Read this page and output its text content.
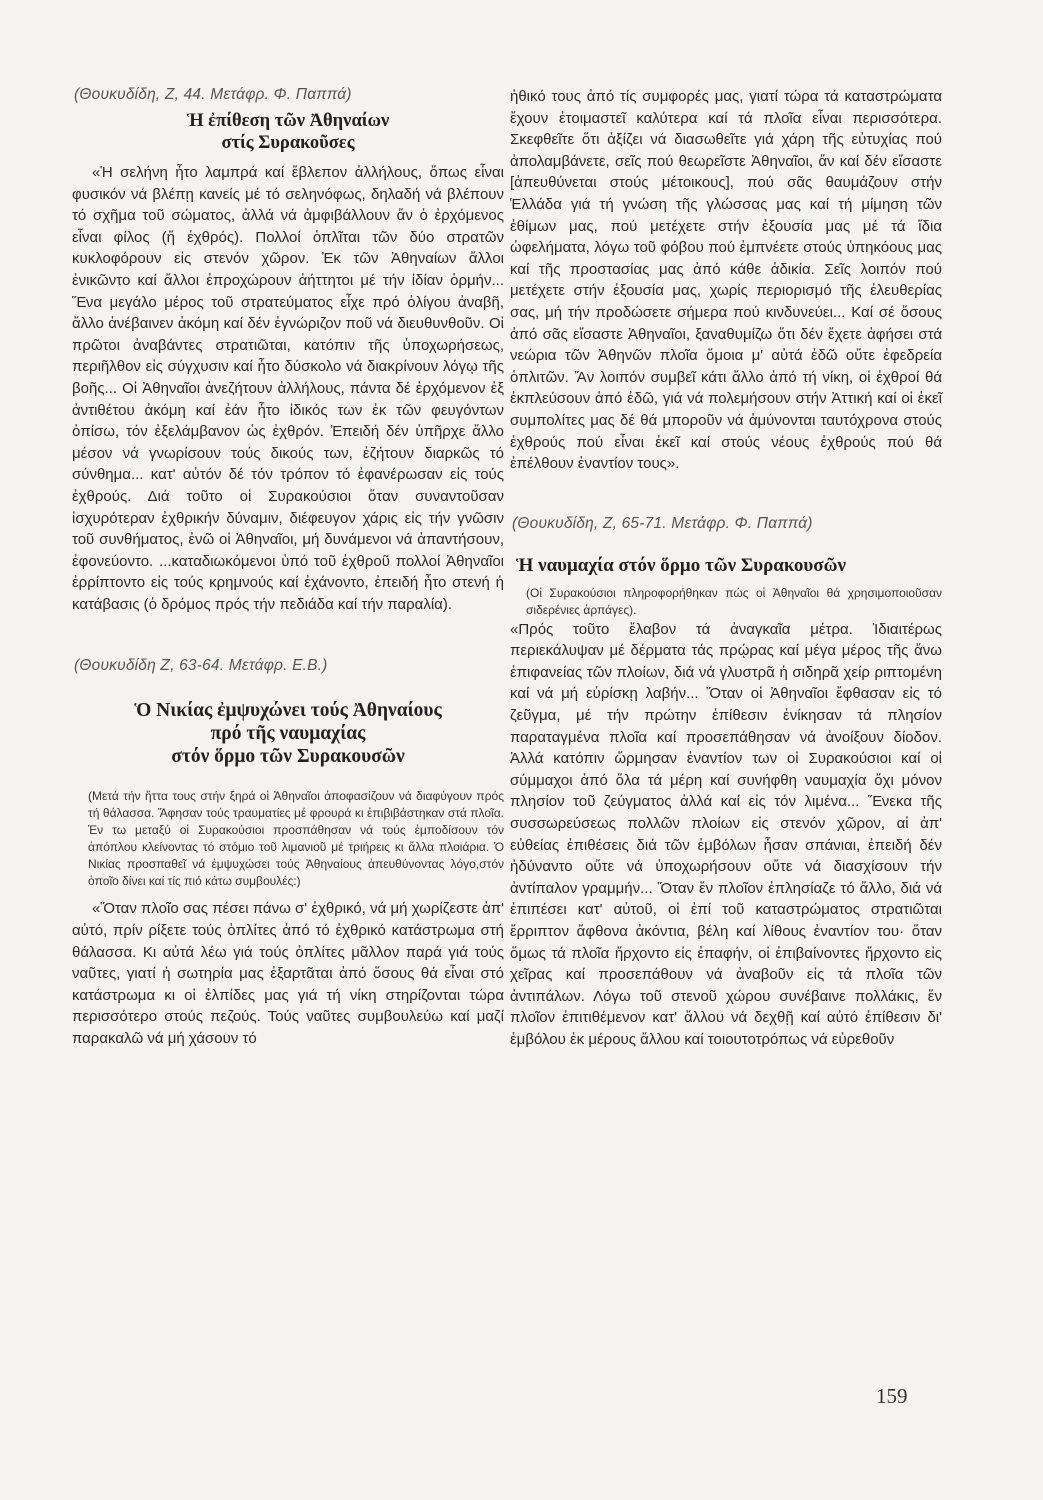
(Θουκυδίδη, Ζ, 44. Μετάφρ. Φ. Παππά)
Ἡ ἐπίθεση τῶν Ἀθηναίων
στίς Συρακοῦσες

«Ἡ σελήνη ἦτο λαμπρά καί ἔβλεπον ἀλλήλους, ὅπως εἶναι φυσικόν νά βλέπῃ κανείς μέ τό σεληνόφως, δηλαδή νά βλέπουν τό σχῆμα τοῦ σώματος, ἀλλά νά ἀμφιβάλλουν ἄν ὁ ἐρχόμενος εἶναι φίλος (ἤ ἐχθρός). Πολλοί ὁπλῖται τῶν δύο στρατῶν κυκλοφόρουν εἰς στενόν χῶρον. Ἐκ τῶν Ἀθηναίων ἄλλοι ἐνικῶντο καί ἄλλοι ἐπροχώρουν ἀήττητοι μέ τήν ἰδίαν ὁρμήν... Ἕνα μεγάλο μέρος τοῦ στρατεύματος εἶχε πρό ὀλίγου ἀναβῆ, ἄλλο ἀνέβαινεν ἀκόμη καί δέν ἐγνώριζον ποῦ νά διευθυνθοῦν. Οἱ πρῶτοι ἀναβάντες στρατιῶται, κατόπιν τῆς ὑποχωρήσεως, περιῆλθον εἰς σύγχυσιν καί ἦτο δύσκολο νά διακρίνουν λόγῳ τῆς βοῆς... Οἱ Ἀθηναῖοι ἀνεζήτουν ἀλλήλους, πάντα δέ ἐρχόμενον ἐξ ἀντιθέτου ἀκόμη καί ἐάν ἦτο ἰδικός των ἐκ τῶν φευγόντων ὀπίσω, τόν ἐξελάμβανον ὡς ἐχθρόν. Ἐπειδή δέν ὑπῆρχε ἄλλο μέσον νά γνωρίσουν τούς δικούς των, ἐζήτουν διαρκῶς τό σύνθημα... κατ' αὐτόν δέ τόν τρόπον τό ἐφανέρωσαν εἰς τούς ἐχθρούς. Διά τοῦτο οἱ Συρακούσιοι ὅταν συναντοῦσαν ἰσχυρότεραν ἐχθρικήν δύναμιν, διέφευγον χάρις εἰς τήν γνῶσιν τοῦ συνθήματος, ἐνῶ οἱ Ἀθηναῖοι, μή δυνάμενοι νά ἀπαντήσουν, ἐφονεύοντο. ...καταδιωκόμενοι ὑπό τοῦ ἐχθροῦ πολλοί Ἀθηναῖοι ἐρρίπτοντο εἰς τούς κρημνούς καί ἐχάνοντο, ἐπειδή ἦτο στενή ἡ κατάβασις (ὁ δρόμος πρός τήν πεδιάδα καί τήν παραλία).

(Θουκυδίδη Ζ, 63-64. Μετάφρ. Ε.Β.)
Ὁ Νικίας ἐμψυχώνει τούς Ἀθηναίους
πρό τῆς ναυμαχίας
στόν ὅρμο τῶν Συρακουσῶν

(Μετά τήν ἥττα τους στήν ξηρά οἱ Ἀθηναῖοι ἀποφασίζουν νά διαφύγουν πρός τή θάλασσα. Ἄφησαν τούς τραυματίες μέ φρουρά κι ἐπιβιβάστηκαν στά πλοῖα. Ἐν τω μεταξύ οἱ Συρακούσιοι προσπάθησαν νά τούς ἐμποδίσουν τόν ἀπόπλου κλείνοντας τό στόμιο τοῦ λιμανιοῦ μέ τριήρεις κι ἄλλα πλοιάρια. Ὁ Νικίας προσπαθεῖ νά ἐμψυχώσει τούς Ἀθηναίους ἀπευθύνοντας λόγο,στόν ὁποῖο δίνει καί τίς πιό κάτω συμβουλές:)

«Ὅταν πλοῖο σας πέσει πάνω σ' ἐχθρικό, νά μή χωρίζεστε ἀπ' αὐτό, πρίν ρίξετε τούς ὁπλίτες ἀπό τό ἐχθρικό κατάστρωμα στή θάλασσα. Κι αὐτά λέω γιά τούς ὁπλίτες μᾶλλον παρά γιά τούς ναῦτες, γιατί ἡ σωτηρία μας ἐξαρτᾶται ἀπό ὅσους θά εἶναι στό κατάστρωμα κι οἱ ἐλπίδες μας γιά τή νίκη στηρίζονται τώρα περισσότερο στούς πεζούς. Τούς ναῦτες συμβουλεύω καί μαζί παρακαλῶ νά μή χάσουν τό

ἠθικό τους ἀπό τίς συμφορές μας, γιατί τώρα τά καταστρώματα ἔχουν ἑτοιμαστεῖ καλύτερα καί τά πλοῖα εἶναι περισσότερα. Σκεφθεῖτε ὅτι ἀξίζει νά διασωθεῖτε γιά χάρη τῆς εὐτυχίας πού ἀπολαμβάνετε, σεῖς πού θεωρεῖστε Ἀθηναῖοι, ἄν καί δέν εἴσαστε [ἀπευθύνεται στούς μέτοικους], πού σᾶς θαυμάζουν στήν Ἑλλάδα γιά τή γνώση τῆς γλώσσας μας καί τή μίμηση τῶν ἐθίμων μας, πού μετέχετε στήν ἐξουσία μας μέ τά ἴδια ὠφελήματα, λόγω τοῦ φόβου πού ἐμπνέετε στούς ὑπηκόους μας καί τῆς προστασίας μας ἀπό κάθε ἀδικία. Σεῖς λοιπόν πού μετέχετε στήν ἐξουσία μας, χωρίς περιορισμό τῆς ἐλευθερίας σας, μή τήν προδώσετε σήμερα πού κινδυνεύει... Καί σέ ὅσους ἀπό σᾶς εἴσαστε Ἀθηναῖοι, ξαναθυμίζω ὅτι δέν ἔχετε ἀφήσει στά νεώρια τῶν Ἀθηνῶν πλοῖα ὅμοια μ' αὐτά ἐδῶ οὔτε ἐφεδρεία ὁπλιτῶν. Ἄν λοιπόν συμβεῖ κάτι ἄλλο ἀπό τή νίκη, οἱ ἐχθροί θά ἐκπλεύσουν ἀπό ἐδῶ, γιά νά πολεμήσουν στήν Ἀττική καί οἱ ἐκεῖ συμπολίτες μας δέ θά μποροῦν νά ἀμύνονται ταυτόχρονα στούς ἐχθρούς πού εἶναι ἐκεῖ καί στούς νέους ἐχθρούς πού θά ἐπέλθουν ἐναντίον τους».

(Θουκυδίδη, Ζ, 65-71. Μετάφρ. Φ. Παππά)
Ἡ ναυμαχία στόν ὅρμο τῶν Συρακουσῶν

(Οἱ Συρακούσιοι πληροφορήθηκαν πώς οἱ Ἀθηναῖοι θά χρησιμοποιοῦσαν σιδερένιες ἁρπάγες).

«Πρός τοῦτο ἔλαβον τά ἀναγκαῖα μέτρα. Ἰδιαιτέρως περιεκάλυψαν μέ δέρματα τάς πρῴρας καί μέγα μέρος τῆς ἄνω ἐπιφανείας τῶν πλοίων, διά νά γλυστρᾶ ἡ σιδηρᾶ χείρ ριπτομένη καί νά μή εὑρίσκῃ λαβήν... Ὅταν οἱ Ἀθηναῖοι ἔφθασαν εἰς τό ζεῦγμα, μέ τήν πρώτην ἐπίθεσιν ἐνίκησαν τά πλησίον παραταγμένα πλοῖα καί προσεπάθησαν νά ἀνοίξουν δίοδον. Ἀλλά κατόπιν ὥρμησαν ἐναντίον των οἱ Συρακούσιοι καί οἱ σύμμαχοι ἀπό ὅλα τά μέρη καί συνήφθη ναυμαχία ὄχι μόνον πλησίον τοῦ ζεύγματος ἀλλά καί εἰς τόν λιμένα... Ἕνεκα τῆς συσσωρεύσεως πολλῶν πλοίων εἰς στενόν χῶρον, αἱ ἀπ' εὐθείας ἐπιθέσεις διά τῶν ἐμβόλων ἦσαν σπάνιαι, ἐπειδή δέν ἠδύναντο οὔτε νά ὑποχωρήσουν οὔτε νά διασχίσουν τήν ἀντίπαλον γραμμήν... Ὅταν ἕν πλοῖον ἐπλησίαζε τό ἄλλο, διά νά ἐπιπέσει κατ' αὐτοῦ, οἱ ἐπί τοῦ καταστρώματος στρατιῶται ἔρριπτον ἄφθονα ἀκόντια, βέλη καί λίθους ἐναντίον του· ὅταν ὅμως τά πλοῖα ἤρχοντο εἰς ἐπαφήν, οἱ ἐπιβαίνοντες ἤρχοντο εἰς χεῖρας καί προσεπάθουν νά ἀναβοῦν εἰς τά πλοῖα τῶν ἀντιπάλων. Λόγω τοῦ στενοῦ χώρου συνέβαινε πολλάκις, ἕν πλοῖον ἐπιτιθέμενον κατ' ἄλλου νά δεχθῇ καί αὐτό ἐπίθεσιν δι' ἐμβόλου ἐκ μέρους ἄλλου καί τοιουτοτρόπως νά εὑρεθοῦν

159
